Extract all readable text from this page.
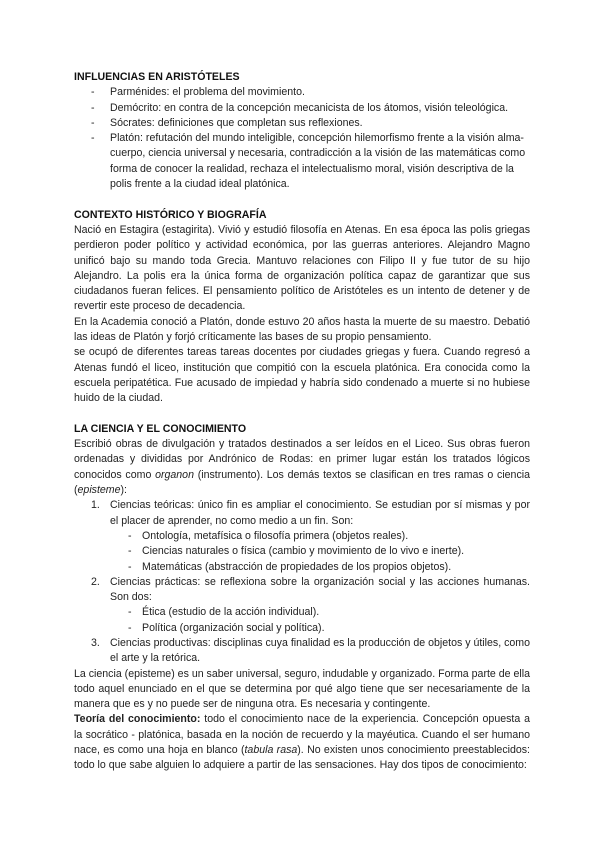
INFLUENCIAS EN ARISTÓTELES
- Parménides: el problema del movimiento.
- Demócrito: en contra de la concepción mecanicista de los átomos, visión teleológica.
- Sócrates: definiciones que completan sus reflexiones.
- Platón: refutación del mundo inteligible, concepción hilemorfismo frente a la visión alma-cuerpo, ciencia universal y necesaria, contradicción a la visión de las matemáticas como forma de conocer la realidad, rechaza el intelectualismo moral, visión descriptiva de la polis frente a la ciudad ideal platónica.
CONTEXTO HISTÓRICO Y BIOGRAFÍA

Nació en Estagira (estagirita). Vivió y estudió filosofía en Atenas. En esa época las polis griegas perdieron poder político y actividad económica, por las guerras anteriores. Alejandro Magno unificó bajo su mando toda Grecia. Mantuvo relaciones con Filipo II y fue tutor de su hijo Alejandro. La polis era la única forma de organización política capaz de garantizar que sus ciudadanos fueran felices. El pensamiento político de Aristóteles es un intento de detener y de revertir este proceso de decadencia.

En la Academia conoció a Platón, donde estuvo 20 años hasta la muerte de su maestro. Debatió las ideas de Platón y forjó críticamente las bases de su propio pensamiento.

se ocupó de diferentes tareas tareas docentes por ciudades griegas y fuera. Cuando regresó a Atenas fundó el liceo, institución que compitió con la escuela platónica. Era conocida como la escuela peripatética. Fue acusado de impiedad y habría sido condenado a muerte si no hubiese huido de la ciudad.

LA CIENCIA Y EL CONOCIMIENTO

Escribió obras de divulgación y tratados destinados a ser leídos en el Liceo. Sus obras fueron ordenadas y divididas por Andrónico de Rodas: en primer lugar están los tratados lógicos conocidos como organon (instrumento). Los demás textos se clasifican en tres ramas o ciencia (episteme):

1. Ciencias teóricas: único fin es ampliar el conocimiento. Se estudian por sí mismas y por el placer de aprender, no como medio a un fin. Son:
- Ontología, metafísica o filosofía primera (objetos reales).
- Ciencias naturales o física (cambio y movimiento de lo vivo e inerte).
- Matemáticas (abstracción de propiedades de los propios objetos).
2. Ciencias prácticas: se reflexiona sobre la organización social y las acciones humanas. Son dos:
- Ética (estudio de la acción individual).
- Política (organización social y política).
3. Ciencias productivas: disciplinas cuya finalidad es la producción de objetos y útiles, como el arte y la retórica.

La ciencia (episteme) es un saber universal, seguro, indudable y organizado. Forma parte de ella todo aquel enunciado en el que se determina por qué algo tiene que ser necesariamente de la manera que es y no puede ser de ninguna otra. Es necesaria y contingente.

Teoría del conocimiento: todo el conocimiento nace de la experiencia. Concepción opuesta a la socrático - platónica, basada en la noción de recuerdo y la mayéutica. Cuando el ser humano nace, es como una hoja en blanco (tabula rasa). No existen unos conocimiento preestablecidos: todo lo que sabe alguien lo adquiere a partir de las sensaciones. Hay dos tipos de conocimiento:
